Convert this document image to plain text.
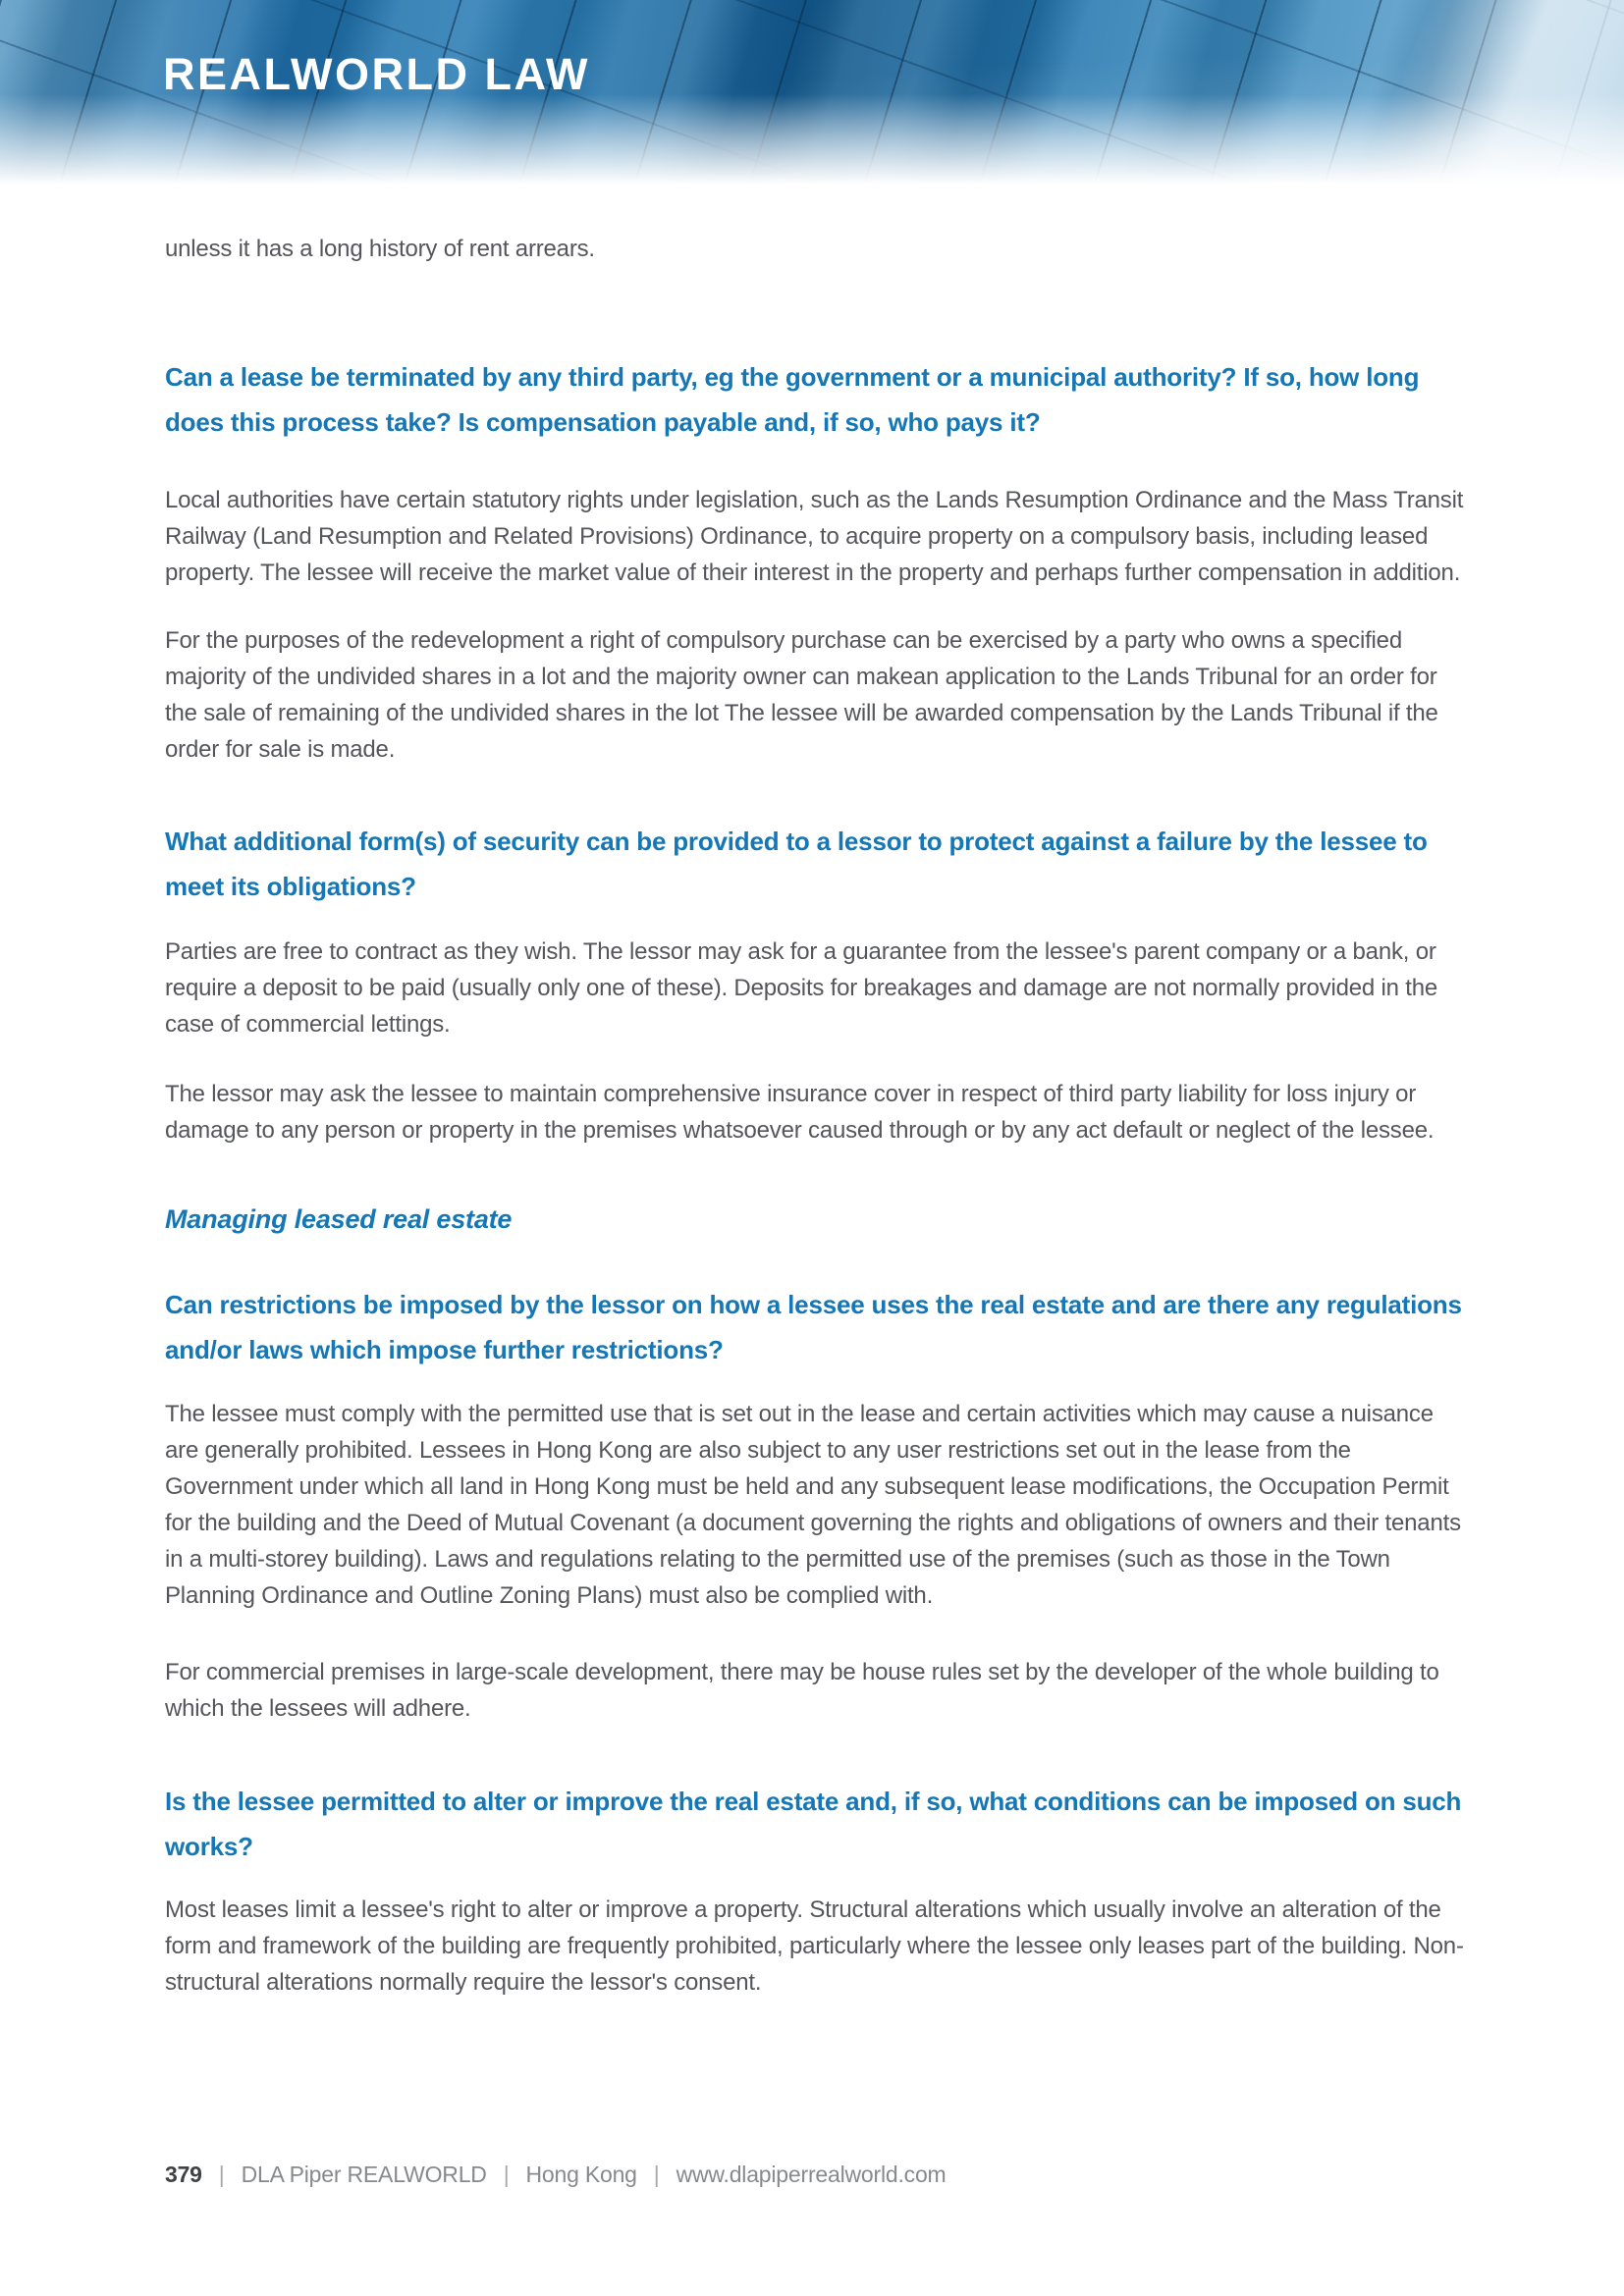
REALWORLD LAW

unless it has a long history of rent arrears.

Can a lease be terminated by any third party, eg the government or a municipal authority? If so, how long does this process take? Is compensation payable and, if so, who pays it?

Local authorities have certain statutory rights under legislation, such as the Lands Resumption Ordinance and the Mass Transit Railway (Land Resumption and Related Provisions) Ordinance, to acquire property on a compulsory basis, including leased property. The lessee will receive the market value of their interest in the property and perhaps further compensation in addition.

For the purposes of the redevelopment a right of compulsory purchase can be exercised by a party who owns a specified majority of the undivided shares in a lot and the majority owner can makean application to the Lands Tribunal for an order for the sale of remaining of the undivided shares in the lot The lessee will be awarded compensation by the Lands Tribunal if the order for sale is made.

What additional form(s) of security can be provided to a lessor to protect against a failure by the lessee to meet its obligations?

Parties are free to contract as they wish. The lessor may ask for a guarantee from the lessee's parent company or a bank, or require a deposit to be paid (usually only one of these). Deposits for breakages and damage are not normally provided in the case of commercial lettings.

The lessor may ask the lessee to maintain comprehensive insurance cover in respect of third party liability for loss injury or damage to any person or property in the premises whatsoever caused through or by any act default or neglect of the lessee.

Managing leased real estate
Can restrictions be imposed by the lessor on how a lessee uses the real estate and are there any regulations and/or laws which impose further restrictions?

The lessee must comply with the permitted use that is set out in the lease and certain activities which may cause a nuisance are generally prohibited. Lessees in Hong Kong are also subject to any user restrictions set out in the lease from the Government under which all land in Hong Kong must be held and any subsequent lease modifications, the Occupation Permit for the building and the Deed of Mutual Covenant (a document governing the rights and obligations of owners and their tenants in a multi-storey building). Laws and regulations relating to the permitted use of the premises (such as those in the Town Planning Ordinance and Outline Zoning Plans) must also be complied with.

For commercial premises in large-scale development, there may be house rules set by the developer of the whole building to which the lessees will adhere.

Is the lessee permitted to alter or improve the real estate and, if so, what conditions can be imposed on such works?

Most leases limit a lessee's right to alter or improve a property. Structural alterations which usually involve an alteration of the form and framework of the building are frequently prohibited, particularly where the lessee only leases part of the building. Non-structural alterations normally require the lessor's consent.

379 | DLA Piper REALWORLD | Hong Kong | www.dlapiperrealworld.com
